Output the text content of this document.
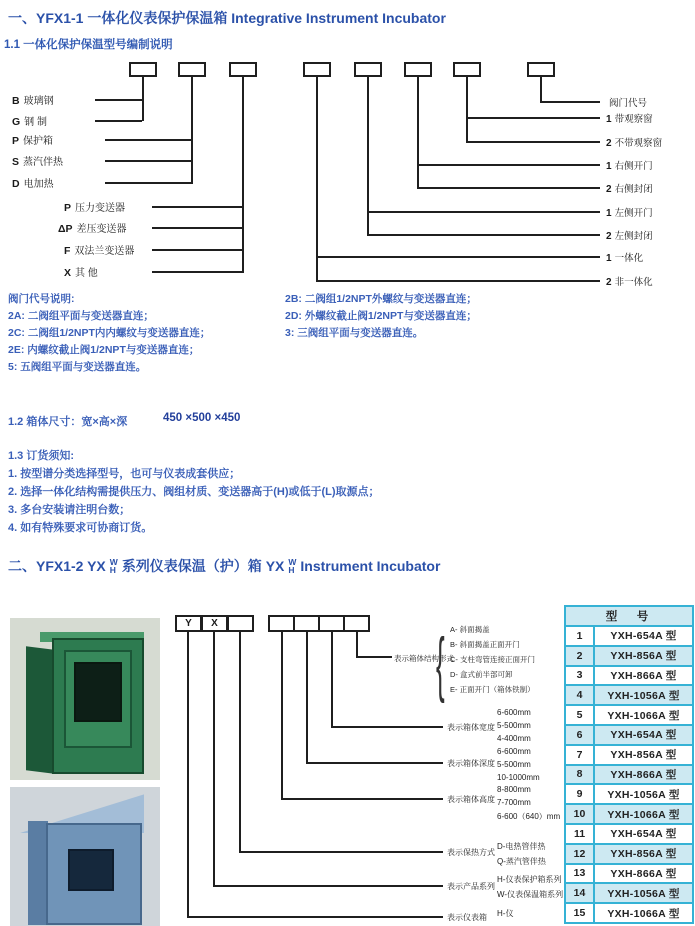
一、YFX1-1 一体化仪表保护保温箱 Integrative Instrument Incubator
1.1 一体化保护保温型号编制说明
B 玻璃钢
G 钢 制
P 保护箱
S 蒸汽伴热
D 电加热
P 压力变送器
ΔP 差压变送器
F 双法兰变送器
X 其 他
阀门代号
1 带观察窗
2 不带观察窗
1 右侧开门
2 右侧封闭
1 左侧开门
2 左侧封闭
1 一体化
2 非一体化
阀门代号说明:
2A: 二阀组平面与变送器直连；
2C: 二阀组1/2NPT内内螺纹与变送器直连；
2E: 内螺纹截止阀1/2NPT与变送器直连；
5: 五阀组平面与变送器直连。
2B: 二阀组1/2NPT外螺纹与变送器直连；
2D: 外螺纹截止阀1/2NPT与变送器直连；
3: 三阀组平面与变送器直连。
1.2 箱体尺寸：宽×高×深	450 ×500 ×450
1.3 订货须知:
1. 按型谱分类选择型号，也可与仪表成套供应；
2. 选择一体化结构需提供压力、阀组材质、变送器高于(H)或低于(L)取源点；
3. 多台安装请注明台数；
4. 如有特殊要求可协商订货。
二、YFX1-2 YX W
H 系列仪表保温（护）箱 YX W
H Instrument Incubator
Y X
表示箱体结构形式
{ A- 斜面揭盖
B- 斜面揭盖正面开门
C- 支柱弯管连接正面开门
D- 盒式前半部可卸
E- 正面开门（箱体铁制）
表示箱体宽度
6-600mm
5-500mm
4-400mm
表示箱体深度
6-600mm
5-500mm
10-1000mm
表示箱体高度
8-800mm
7-700mm
6-600（640）mm
表示保热方式
D-电热管伴热
Q-蒸汽管伴热
表示产品系列
H-仪表保护箱系列
W-仪表保温箱系列
表示仪表箱 H-仪
型　号
1	YXH-654A 型
2	YXH-856A 型
3	YXH-866A 型
4	YXH-1056A 型
5	YXH-1066A 型
6	YXH-654A 型
7	YXH-856A 型
8	YXH-866A 型
9	YXH-1056A 型
10	YXH-1066A 型
11	YXH-654A 型
12	YXH-856A 型
13	YXH-866A 型
14	YXH-1056A 型
15	YXH-1066A 型
